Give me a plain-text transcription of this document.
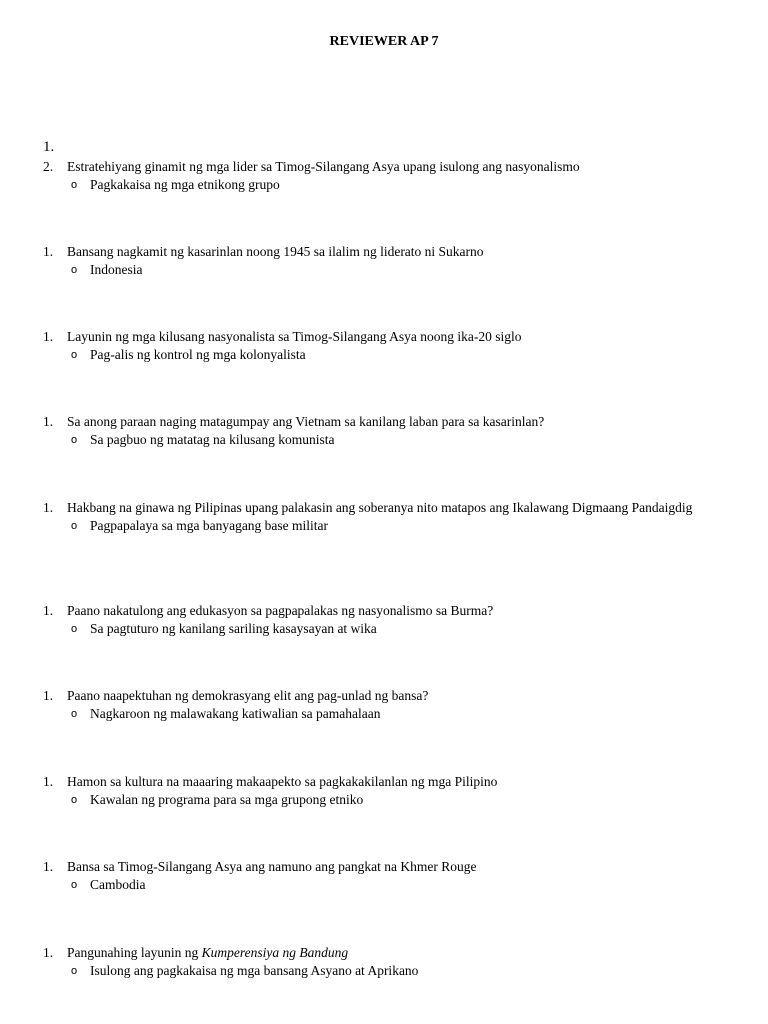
REVIEWER AP 7
1.
2.	Estratehiyang ginamit ng mga lider sa Timog-Silangang Asya upang isulong ang nasyonalismo
o Pagkakaisa ng mga etnikong grupo
1.	Bansang nagkamit ng kasarinlan noong 1945 sa ilalim ng liderato ni Sukarno
o Indonesia
1.	Layunin ng mga kilusang nasyonalista sa Timog-Silangang Asya noong ika-20 siglo
o Pag-alis ng kontrol ng mga kolonyalista
1.	Sa anong paraan naging matagumpay ang Vietnam sa kanilang laban para sa kasarinlan?
o Sa pagbuo ng matatag na kilusang komunista
1.	Hakbang na ginawa ng Pilipinas upang palakasin ang soberanya nito matapos ang Ikalawang Digmaang Pandaigdig
o Pagpapalaya sa mga banyagang base militar
1.	Paano nakatulong ang edukasyon sa pagpapalakas ng nasyonalismo sa Burma?
o Sa pagtuturo ng kanilang sariling kasaysayan at wika
1.	Paano naapektuhan ng demokrasyang elit ang pag-unlad ng bansa?
o Nagkaroon ng malawakang katiwalian sa pamahalaan
1.	Hamon sa kultura na maaaring makaapekto sa pagkakakilanlan ng mga Pilipino
o Kawalan ng programa para sa mga grupong etniko
1.	Bansa sa Timog-Silangang Asya ang namuno ang pangkat na Khmer Rouge
o Cambodia
1.	Pangunahing layunin ng Kumperensiya ng Bandung
o Isulong ang pagkakaisa ng mga bansang Asyano at Aprikano
